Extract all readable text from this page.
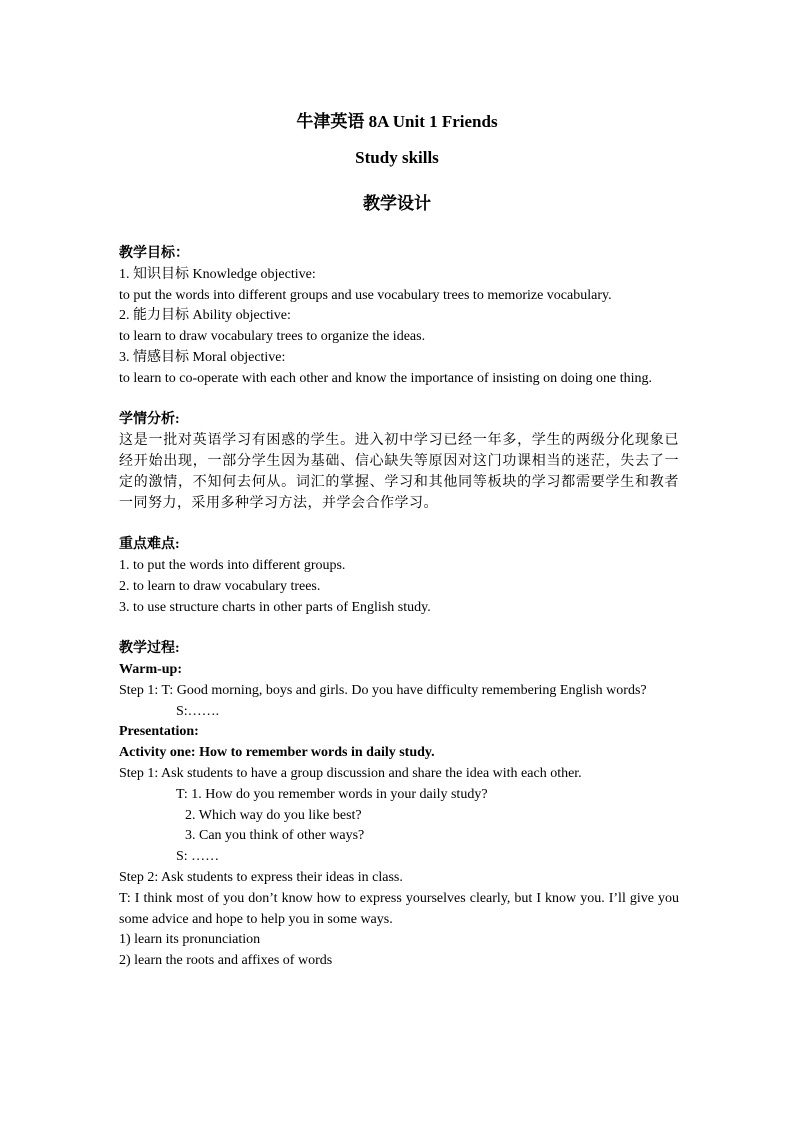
牛津英语 8A Unit 1 Friends
Study skills
教学设计
教学目标：
1. 知识目标 Knowledge objective:
to put the words into different groups and use vocabulary trees to memorize vocabulary.
2. 能力目标 Ability objective:
to learn to draw vocabulary trees to organize the ideas.
3. 情感目标 Moral objective:
to learn to co-operate with each other and know the importance of insisting on doing one thing.
学情分析:
这是一批对英语学习有困惑的学生。进入初中学习已经一年多，学生的两级分化现象已经开始出现，一部分学生因为基础、信心缺失等原因对这门功课相当的迷茫，失去了一定的激情，不知何去何从。词汇的掌握、学习和其他同等板块的学习都需要学生和教者一同努力，采用多种学习方法，并学会合作学习。
重点难点:
1. to put the words into different groups.
2. to learn to draw vocabulary trees.
3. to use structure charts in other parts of English study.
教学过程:
Warm-up:
Step 1: T: Good morning, boys and girls. Do you have difficulty remembering English words?
S:…….
Presentation:
Activity one: How to remember words in daily study.
Step 1: Ask students to have a group discussion and share the idea with each other.
T: 1. How do you remember words in your daily study?
2. Which way do you like best?
3. Can you think of other ways?
S: ……
Step 2: Ask students to express their ideas in class.
T: I think most of you don’t know how to express yourselves clearly, but I know you. I’ll give you some advice and hope to help you in some ways.
1) learn its pronunciation
2) learn the roots and affixes of words
